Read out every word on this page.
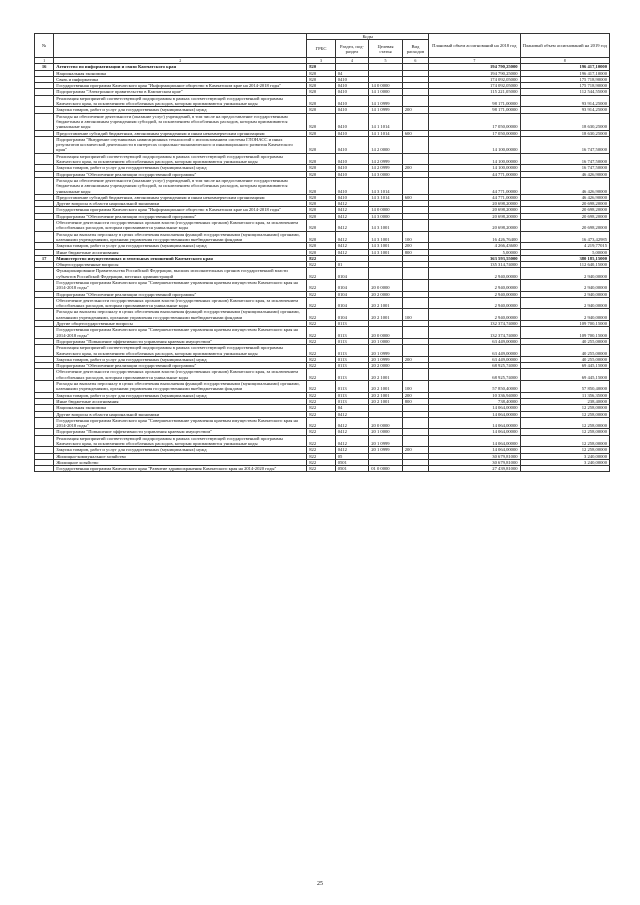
№		Коды				Плановый объем ассигнований на 2018 год	Плановый объем ассигнований на 2019 год
		ГРБС	Раздел, под-раздел	Целевая статья	Вид расходов		
1	2	3	4	5	6	7	8
16	Агентство по информатизации и связи Камчатского края	820				194 790,25000	196 417,10000
	Национальная экономика	820	04			194 790,25000	196 417,10000
	Связь и информатика	820	0410			174 092,05000	175 718,90000
	Государственная программа Камчатского края "Информационное общество в Камчатском крае на 2014-2018 годы"	820	0410	14 0 0000		174 092,05000	175 718,90000
	Подпрограмма "Электронное правительство в Камчатском крае"	820	0410	14 1 0000		115 221,05000	112 544,55000
	Реализация мероприятий соответствующей подпрограммы в рамках соответствующей государственной программы Камчатского края, за исключением обособленных расходов, которым присваиваются уникальные коды	820	0410	14 1 0999		98 171,00000	93 914,25000
	Закупка товаров, работ и услуг для государственных (муниципальных) нужд	820	0410	14 1 0999	200	98 171,00000	93 914,25000
	Расходы на обеспечение деятельности (оказание услуг) учреждений, в том числе на предоставление государственным бюджетным и автономным учреждениям субсидий, за исключением обособленных расходов, которым присваиваются уникальные коды	820	0410	14 1 1014		17 050,00000	18 630,25000
	Предоставление субсидий бюджетным, автономным учреждениям и иным некоммерческим организациям	820	0410	14 1 1014	600	17 050,00000	18 630,25000
	Подпрограмма "Внедрение спутниковых навигационных технологий с использованием системы ГЛОНАСС и иных результатов космической деятельности в интересах социально-экономического и инновационного развития Камчатского края"	820	0410	14 2 0000		14 100,00000	16 747,50000
	Реализация мероприятий соответствующей подпрограммы в рамках соответствующей государственной программы Камчатского края, за исключением обособленных расходов, которым присваиваются уникальные коды	820	0410	14 2 0999		14 100,00000	16 747,50000
	Закупка товаров, работ и услуг для государственных (муниципальных) нужд	820	0410	14 2 0999	200	14 100,00000	16 747,50000
	Подпрограмма "Обеспечение реализации государственной программы"	820	0410	14 3 0000		44 771,00000	46 426,90000
	Расходы на обеспечение деятельности (оказание услуг) учреждений, в том числе на предоставление государственным бюджетным и автономным учреждениям субсидий, за исключением обособленных расходов, которым присваиваются уникальные коды	820	0410	14 3 1014		44 771,00000	46 426,90000
	Предоставление субсидий бюджетным, автономным учреждениям и иным некоммерческим организациям	820	0410	14 3 1014	600	44 771,00000	46 426,90000
	Другие вопросы в области национальной экономики	820	0412			20 698,20000	20 698,20000
	Государственная программа Камчатского края "Информационное общество в Камчатском крае на 2014-2018 годы"	820	0412	14 0 0000		20 698,20000	20 698,20000
	Подпрограмма "Обеспечение реализации государственной программы"	820	0412	14 3 0000		20 698,20000	20 698,20000
	Обеспечение деятельности государственных органов власти (государственных органов) Камчатского края, за исключением обособленных расходов, которым присваиваются уникальные коды	820	0412	14 3 1001		20 698,20000	20 698,20000
	Расходы на выплаты персоналу в целях обеспечения выполнения функций государственными (муниципальными) органами, казенными учреждениями, органами управления государственными внебюджетными фондами	820	0412	14 3 1001	100	16 426,76400	16 473,42985
	Закупка товаров, работ и услуг для государственных (муниципальных) нужд	820	0412	14 3 1001	200	4 266,43600	4 219,77015
	Иные бюджетные ассигнования	820	0412	14 3 1001	800	5,00000	5,00000
17	Министерство имущественных и земельных отношений Камчатского края	822				363 593,55000	380 185,15000
	Общегосударственные вопросы	822	01			135 314,74000	112 640,15000
	Функционирование Правительства Российской Федерации, высших исполнительных органов государственной власти субъектов Российской Федерации, местных администраций	822	0104			2 940,00000	2 940,00000
	Государственная программа Камчатского края "Совершенствование управления краевым имуществом Камчатского края на 2014-2018 годы"	822	0104	20 0 0000		2 940,00000	2 940,00000
	Подпрограмма "Обеспечение реализации государственной программы"	822	0104	20 2 0000		2 940,00000	2 940,00000
	Обеспечение деятельности государственных органов власти (государственных органов) Камчатского края, за исключением обособленных расходов, которым присваиваются уникальные коды	822	0104	20 2 1001		2 940,00000	2 940,00000
	Расходы на выплаты персоналу в целях обеспечения выполнения функций государственными (муниципальными) органами, казенными учреждениями, органами управления государственными внебюджетными фондами	822	0104	20 2 1001	100	2 940,00000	2 940,00000
	Другие общегосударственные вопросы	822	0113			132 374,74000	109 700,15000
	Государственная программа Камчатского края "Совершенствование управления краевым имуществом Камчатского края на 2014-2018 годы"	822	0113	20 0 0000		132 374,74000	109 700,15000
	Подпрограмма "Повышение эффективности управления краевым имуществом"	822	0113	20 1 0000		63 449,00000	40 255,00000
	Реализация мероприятий соответствующей подпрограммы в рамках соответствующей государственной программы Камчатского края, за исключением обособленных расходов, которым присваиваются уникальные коды	822	0113	20 1 0999		63 449,00000	40 255,00000
	Закупка товаров, работ и услуг для государственных (муниципальных) нужд	822	0113	20 1 0999	200	63 449,00000	40 255,00000
	Подпрограмма "Обеспечение реализации государственной программы"	822	0113	20 2 0000		68 925,74000	69 445,15000
	Обеспечение деятельности государственных органов власти (государственных органов) Камчатского края, за исключением обособленных расходов, которым присваиваются уникальные коды	822	0113	20 2 1001		68 925,74000	69 445,15000
	Расходы на выплаты персоналу в целях обеспечения выполнения функций государственными (муниципальными) органами, казенными учреждениями, органами управления государственными внебюджетными фондами	822	0113	20 2 1001	100	57 850,40000	57 850,40000
	Закупка товаров, работ и услуг для государственных (муниципальных) нужд	822	0113	20 2 1001	200	10 336,94000	11 356,35000
	Иные бюджетные ассигнования	822	0113	20 2 1001	800	738,40000	238,40000
	Национальная экономика	822	04			14 064,00000	12 258,00000
	Другие вопросы в области национальной экономики	822	0412			14 064,00000	12 258,00000
	Государственная программа Камчатского края "Совершенствование управления краевым имуществом Камчатского края на 2014-2018 годы"	822	0412	20 0 0000		14 064,00000	12 258,00000
	Подпрограмма "Повышение эффективности управления краевым имуществом"	822	0412	20 1 0000		14 064,00000	12 258,00000
	Реализация мероприятий соответствующей подпрограммы в рамках соответствующей государственной программы Камчатского края, за исключением обособленных расходов, которым присваиваются уникальные коды	822	0412	20 1 0999		14 064,00000	12 258,00000
	Закупка товаров, работ и услуг для государственных (муниципальных) нужд	822	0412	20 1 0999	200	14 064,00000	12 258,00000
	Жилищно-коммунальное хозяйство	822	05			30 679,81000	3 240,00000
	Жилищное хозяйство	822	0501			30 679,81000	3 240,00000
	Государственная программа Камчатского края "Развитие здравоохранения Камчатского края на 2014-2020 годы"	822	0501	01 0 0000		27 439,81000	
25
